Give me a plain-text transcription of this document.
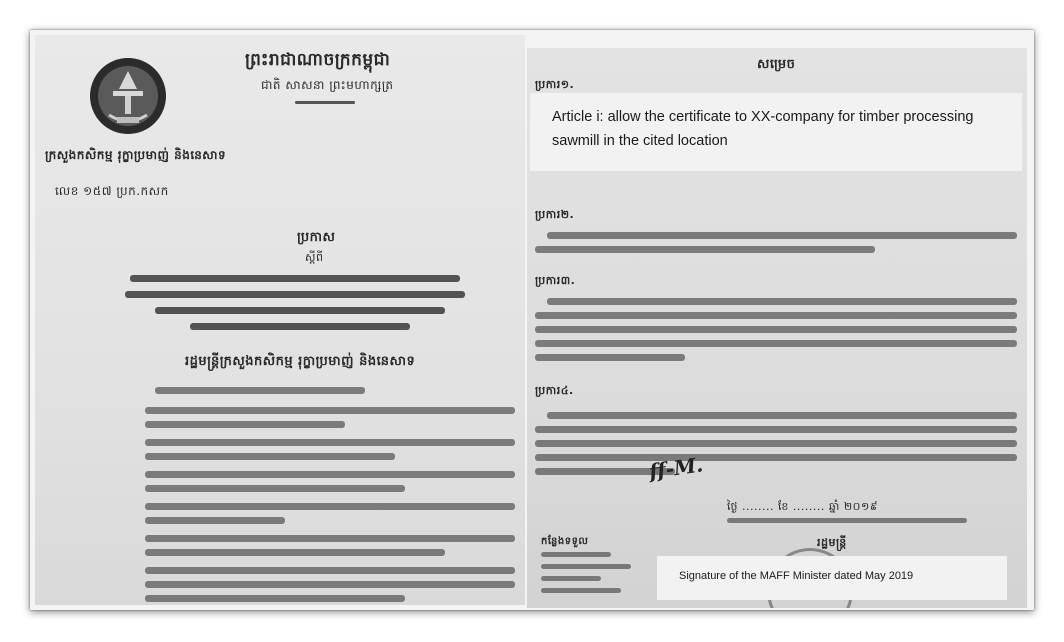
ព្រះរាជាណាចក្រកម្ពុជា
ជាតិ សាសនា ព្រះមហាក្សត្រ
ក្រសួងកសិកម្ម រុក្ខាប្រមាញ់ និងនេសាទ
លេខ ១៥៧ ប្រក.កសក
ប្រកាស
ស្តីពី
រដ្ឋមន្ត្រីក្រសួងកសិកម្ម រុក្ខាប្រមាញ់ និងនេសាទ
សម្រេច
ប្រការ១.
ប្រការ២.
ប្រការ៣.
ប្រការ៤.
ff-M.
ថ្ងៃ ........ ខែ ........ ឆ្នាំ ២០១៩
កន្លែងទទួល	រដ្ឋមន្ត្រី
Article i: allow the certificate to XX-company for timber processing sawmill in the cited location
Signature of the MAFF Minister dated May 2019
